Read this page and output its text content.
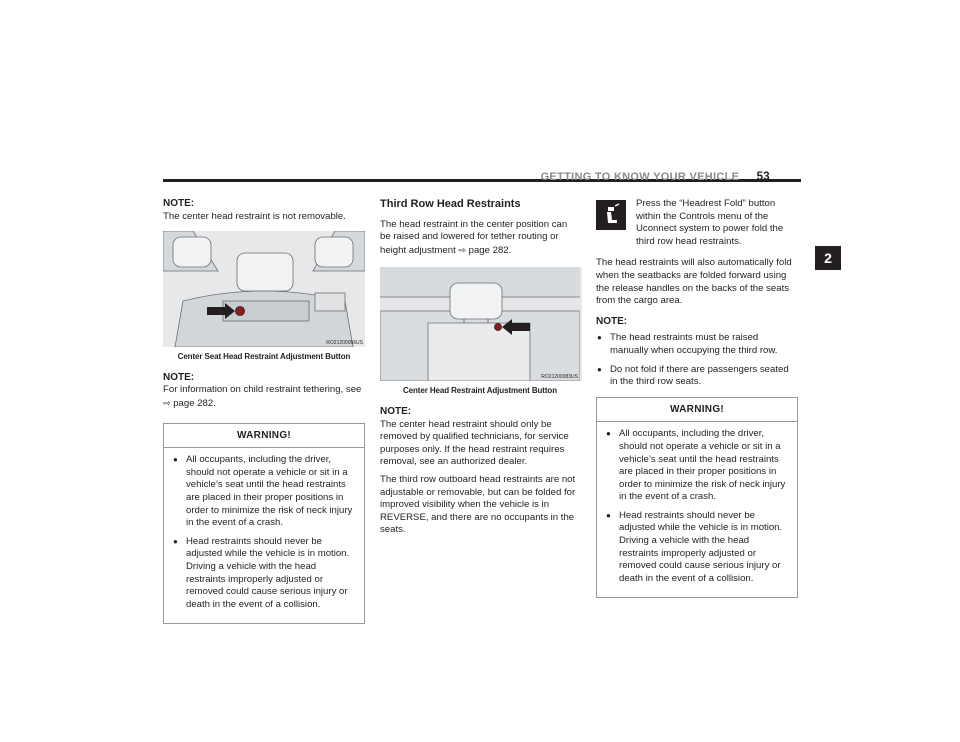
GETTING TO KNOW YOUR VEHICLE 53
2
NOTE:

The center head restraint is not removable.

RO21200056US
Center Seat Head Restraint Adjustment Button
NOTE:

For information on child restraint tethering, see
⇨ page 282.

WARNING!
● All occupants, including the driver, should not operate a vehicle or sit in a vehicle’s seat until the head restraints are placed in their proper positions in order to minimize the risk of neck injury in the event of a crash.
● Head restraints should never be adjusted while the vehicle is in motion. Driving a vehicle with the head restraints improperly adjusted or removed could cause serious injury or death in the event of a collision.
Third Row Head Restraints

The head restraint in the center position can be raised and lowered for tether routing or height adjustment ⇨ page 282.

RO21200083US
Center Head Restraint Adjustment Button
NOTE:

The center head restraint should only be removed by qualified technicians, for service purposes only. If the head restraint requires removal, see an authorized dealer.

The third row outboard head restraints are not adjustable or removable, but can be folded for improved visibility when the vehicle is in REVERSE, and there are no occupants in the seats.

Press the “Headrest Fold” button within the Controls menu of the Uconnect system to power fold the third row head restraints.

The head restraints will also automatically fold when the seatbacks are folded forward using the release handles on the backs of the seats from the cargo area.

NOTE:
● The head restraints must be raised manually when occupying the third row.
● Do not fold if there are passengers seated in the third row seats.
WARNING!
● All occupants, including the driver, should not operate a vehicle or sit in a vehicle’s seat until the head restraints are placed in their proper positions in order to minimize the risk of neck injury in the event of a crash.
● Head restraints should never be adjusted while the vehicle is in motion. Driving a vehicle with the head restraints improperly adjusted or removed could cause serious injury or death in the event of a collision.
